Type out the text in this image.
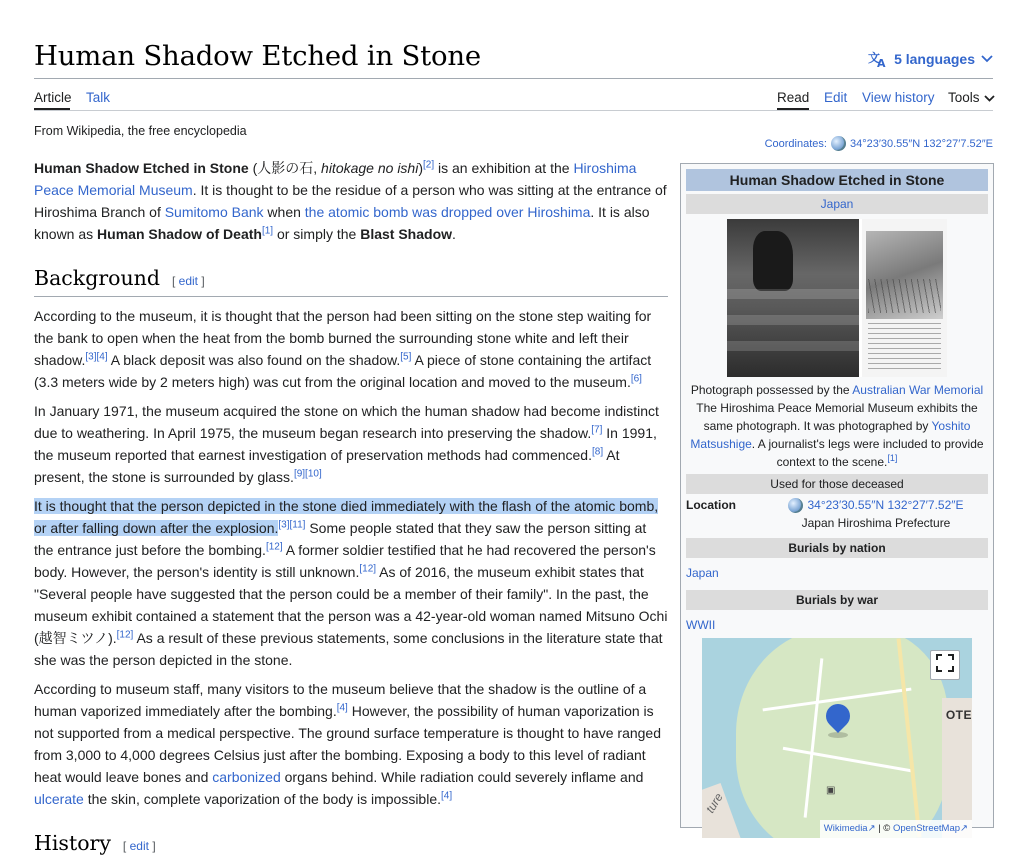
Human Shadow Etched in Stone	文
A 5 languages
Article Talk	Read Edit View history Tools
From Wikipedia, the free encyclopedia
Coordinates: 34°23′30.55″N 132°27′7.52″E

Human Shadow Etched in Stone (人影の石, hitokage no ishi)[2] is an exhibition at the Hiroshima Peace Memorial Museum. It is thought to be the residue of a person who was sitting at the entrance of Hiroshima Branch of Sumitomo Bank when the atomic bomb was dropped over Hiroshima. It is also known as Human Shadow of Death[1] or simply the Blast Shadow.

Background [ edit ]

According to the museum, it is thought that the person had been sitting on the stone step waiting for the bank to open when the heat from the bomb burned the surrounding stone white and left their shadow.[3][4] A black deposit was also found on the shadow.[5] A piece of stone containing the artifact (3.3 meters wide by 2 meters high) was cut from the original location and moved to the museum.[6]

In January 1971, the museum acquired the stone on which the human shadow had become indistinct due to weathering. In April 1975, the museum began research into preserving the shadow.[7] In 1991, the museum reported that earnest investigation of preservation methods had commenced.[8] At present, the stone is surrounded by glass.[9][10]

It is thought that the person depicted in the stone died immediately with the flash of the atomic bomb, or after falling down after the explosion.[3][11] Some people stated that they saw the person sitting at the entrance just before the bombing.[12] A former soldier testified that he had recovered the person's body. However, the person's identity is still unknown.[12] As of 2016, the museum exhibit states that "Several people have suggested that the person could be a member of their family". In the past, the museum exhibit contained a statement that the person was a 42-year-old woman named Mitsuno Ochi (越智ミツノ).[12] As a result of these previous statements, some conclusions in the literature state that she was the person depicted in the stone.

According to museum staff, many visitors to the museum believe that the shadow is the outline of a human vaporized immediately after the bombing.[4] However, the possibility of human vaporization is not supported from a medical perspective. The ground surface temperature is thought to have ranged from 3,000 to 4,000 degrees Celsius just after the bombing. Exposing a body to this level of radiant heat would leave bones and carbonized organs behind. While radiation could severely inflame and ulcerate the skin, complete vaporization of the body is impossible.[4]

History [ edit ]
Human Shadow Etched in Stone
Japan
Photograph possessed by the Australian War Memorial The Hiroshima Peace Memorial Museum exhibits the same photograph. It was photographed by Yoshito Matsushige. A journalist's legs were included to provide context to the scene.[1]
Used for those deceased
Location	34°23′30.55″N 132°27′7.52″E
Japan Hiroshima Prefecture
Burials by nation
Japan
Burials by war
WWII
OTE
ture
▣
Wikimedia↗ | © OpenStreetMap↗
